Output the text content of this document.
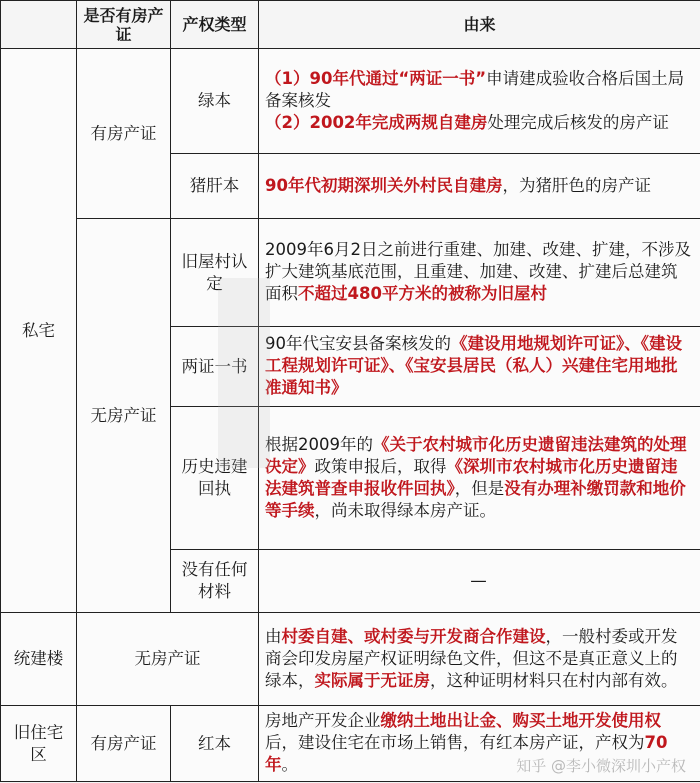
	是否有房产证	产权类型	由来
私宅	有房产证	绿本	（1）90年代通过“两证一书”申请建成验收合格后国土局备案核发
（2）2002年完成两规自建房处理完成后核发的房产证
		猪肝本	90年代初期深圳关外村民自建房，为猪肝色的房产证
	无房产证	旧屋村认定	2009年6月2日之前进行重建、加建、改建、扩建，不涉及扩大建筑基底范围，且重建、加建、改建、扩建后总建筑面积不超过480平方米的被称为旧屋村
		两证一书	90年代宝安县备案核发的《建设用地规划许可证》、《建设工程规划许可证》、《宝安县居民（私人）兴建住宅用地批准通知书》
		历史违建回执	根据2009年的《关于农村城市化历史遗留违法建筑的处理决定》政策申报后，取得《深圳市农村城市化历史遗留违法建筑普查申报收件回执》，但是没有办理补缴罚款和地价等手续，尚未取得绿本房产证。
		没有任何材料	—
统建楼	无房产证		由村委自建、或村委与开发商合作建设，一般村委或开发商会印发房屋产权证明绿色文件，但这不是真正意义上的绿本，实际属于无证房，这种证明材料只在村内部有效。
旧住宅区	有房产证	红本	房地产开发企业缴纳土地出让金、购买土地开发使用权后，建设住宅在市场上销售，有红本房产证，产权为70年。	知乎 @李小微深圳小产权
